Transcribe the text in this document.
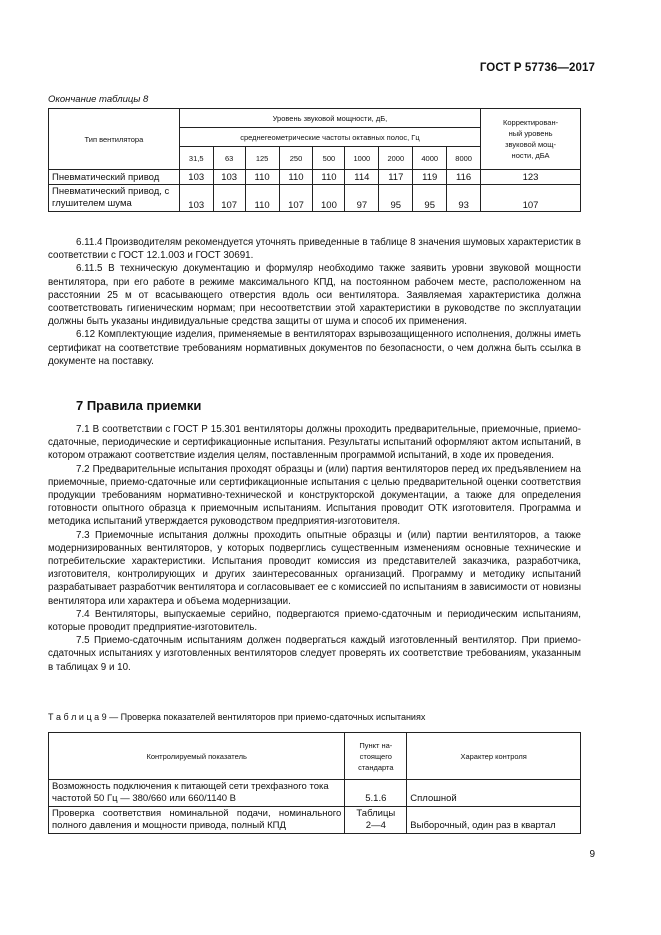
ГОСТ Р 57736—2017
Окончание таблицы 8
Тип вентилятора	Уровень звуковой мощности, дБ,									Корректирован-
ный уровень
звуковой мощ-
ности, дБА
	среднегеометрические частоты октавных полос, Гц									
	31,5	63	125	250	500	1000	2000	4000	8000	
Пневматический привод	103	103	110	110	110	114	117	119	116	123
Пневматический привод, с
глушителем шума	103	107	110	107	100	97	95	95	93	107

6.11.4 Производителям рекомендуется уточнять приведенные в таблице 8 значения шумовых характеристик в соответствии с ГОСТ 12.1.003 и ГОСТ 30691.

6.11.5 В техническую документацию и формуляр необходимо также заявить уровни звуковой мощности вентилятора, при его работе в режиме максимального КПД, на постоянном рабочем месте, расположенном на расстоянии 25 м от всасывающего отверстия вдоль оси вентилятора. Заявляемая характеристика должна соответствовать гигиеническим нормам; при несоответствии этой характеристики в руководстве по эксплуатации должны быть указаны индивидуальные средства защиты от шума и способ их применения.

6.12 Комплектующие изделия, применяемые в вентиляторах взрывозащищенного исполнения, должны иметь сертификат на соответствие требованиям нормативных документов по безопасности, о чем должна быть ссылка в документе на поставку.

7 Правила приемки

7.1 В соответствии с ГОСТ Р 15.301 вентиляторы должны проходить предварительные, приемочные, приемо-сдаточные, периодические и сертификационные испытания. Результаты испытаний оформляют актом испытаний, в котором отражают соответствие изделия целям, поставленным программой испытаний, в ходе их проведения.

7.2 Предварительные испытания проходят образцы и (или) партия вентиляторов перед их предъявлением на приемочные, приемо-сдаточные или сертификационные испытания с целью предварительной оценки соответствия продукции требованиям нормативно-технической и конструкторской документации, а также для определения готовности опытного образца к приемочным испытаниям. Испытания проводит ОТК изготовителя. Программа и методика испытаний утверждается руководством предприятия-изготовителя.

7.3 Приемочные испытания должны проходить опытные образцы и (или) партии вентиляторов, а также модернизированных вентиляторов, у которых подверглись существенным изменениям основные технические и потребительские характеристики. Испытания проводит комиссия из представителей заказчика, разработчика, изготовителя, контролирующих и других заинтересованных организаций. Программу и методику испытаний разрабатывает разработчик вентилятора и согласовывает ее с комиссией по испытаниям в зависимости от новизны вентилятора или характера и объема модернизации.

7.4 Вентиляторы, выпускаемые серийно, подвергаются приемо-сдаточным и периодическим испытаниям, которые проводит предприятие-изготовитель.

7.5 Приемо-сдаточным испытаниям должен подвергаться каждый изготовленный вентилятор. При приемо-сдаточных испытаниях у изготовленных вентиляторов следует проверять их соответствие требованиям, указанным в таблицах 9 и 10.

Т а б л и ц а 9 — Проверка показателей вентиляторов при приемо-сдаточных испытаниях
Контролируемый показатель	Пункт на-
стоящего
стандарта	Характер контроля
Возможность подключения к питающей сети трехфазного тока частотой 50 Гц — 380/660 или 660/1140 В	5.1.6	Сплошной
Проверка соответствия номинальной подачи, номинального полного давления и мощности привода, полный КПД	Таблицы
2—4	Выборочный, один раз в квартал
9
